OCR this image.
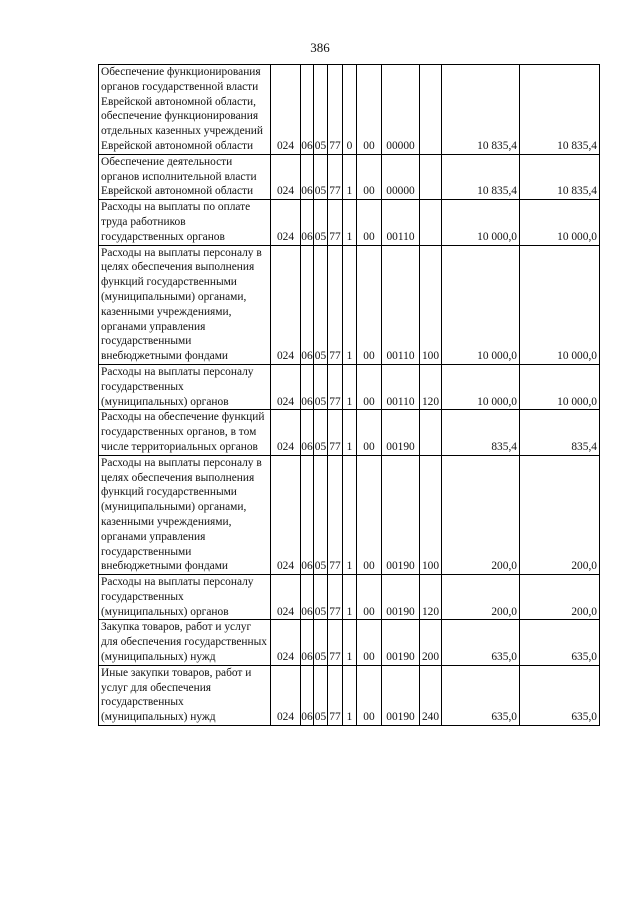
386
Обеспечение функционирования органов государственной власти Еврейской автономной области, обеспечение функционирования отдельных казенных учреждений Еврейской автономной области	024	06	05	77	0	00	00000		10 835,4	10 835,4
Обеспечение деятельности органов исполнительной власти Еврейской автономной области	024	06	05	77	1	00	00000		10 835,4	10 835,4
Расходы на выплаты по оплате труда работников государственных органов	024	06	05	77	1	00	00110		10 000,0	10 000,0
Расходы на выплаты персоналу в целях обеспечения выполнения функций государственными (муниципальными) органами, казенными учреждениями, органами управления государственными внебюджетными фондами	024	06	05	77	1	00	00110	100	10 000,0	10 000,0
Расходы на выплаты персоналу государственных (муниципальных) органов	024	06	05	77	1	00	00110	120	10 000,0	10 000,0
Расходы на обеспечение функций государственных органов, в том числе территориальных органов	024	06	05	77	1	00	00190		835,4	835,4
Расходы на выплаты персоналу в целях обеспечения выполнения функций государственными (муниципальными) органами, казенными учреждениями, органами управления государственными внебюджетными фондами	024	06	05	77	1	00	00190	100	200,0	200,0
Расходы на выплаты персоналу государственных (муниципальных) органов	024	06	05	77	1	00	00190	120	200,0	200,0
Закупка товаров, работ и услуг для обеспечения государственных (муниципальных) нужд	024	06	05	77	1	00	00190	200	635,0	635,0
Иные закупки товаров, работ и услуг для обеспечения государственных (муниципальных) нужд	024	06	05	77	1	00	00190	240	635,0	635,0
